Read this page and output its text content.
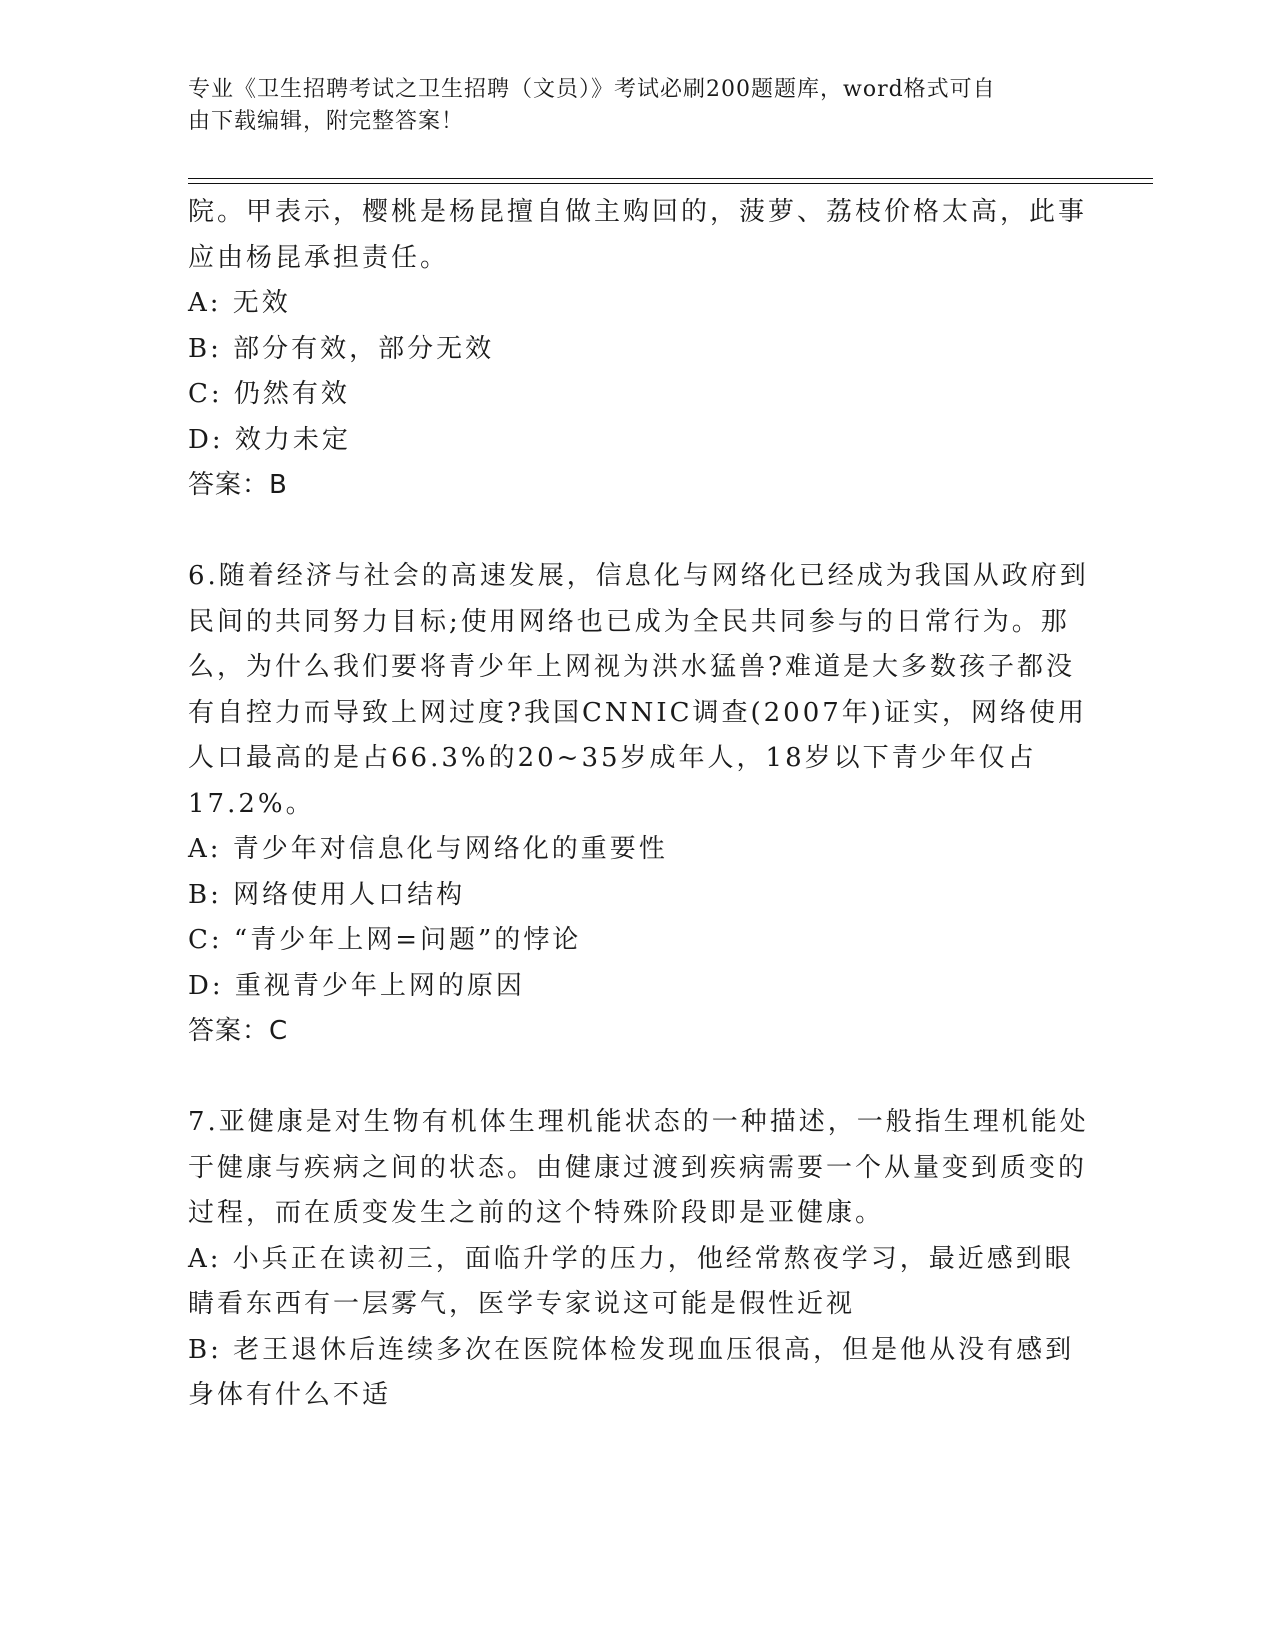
专业《卫生招聘考试之卫生招聘（文员）》考试必刷200题题库，word格式可自
由下载编辑，附完整答案！

院。甲表示，樱桃是杨昆擅自做主购回的，菠萝、荔枝价格太高，此事应由杨昆承担责任。

A: 无效

B: 部分有效，部分无效

C: 仍然有效

D: 效力未定

答案：B

6.随着经济与社会的高速发展，信息化与网络化已经成为我国从政府到民间的共同努力目标;使用网络也已成为全民共同参与的日常行为。那么，为什么我们要将青少年上网视为洪水猛兽?难道是大多数孩子都没有自控力而导致上网过度?我国CNNIC调查(2007年)证实，网络使用人口最高的是占66.3%的20~35岁成年人，18岁以下青少年仅占17.2%。

A: 青少年对信息化与网络化的重要性

B: 网络使用人口结构

C: “青少年上网=问题”的悖论

D: 重视青少年上网的原因

答案：C

7.亚健康是对生物有机体生理机能状态的一种描述，一般指生理机能处于健康与疾病之间的状态。由健康过渡到疾病需要一个从量变到质变的过程，而在质变发生之前的这个特殊阶段即是亚健康。

A: 小兵正在读初三，面临升学的压力，他经常熬夜学习，最近感到眼睛看东西有一层雾气，医学专家说这可能是假性近视

B: 老王退休后连续多次在医院体检发现血压很高，但是他从没有感到身体有什么不适
